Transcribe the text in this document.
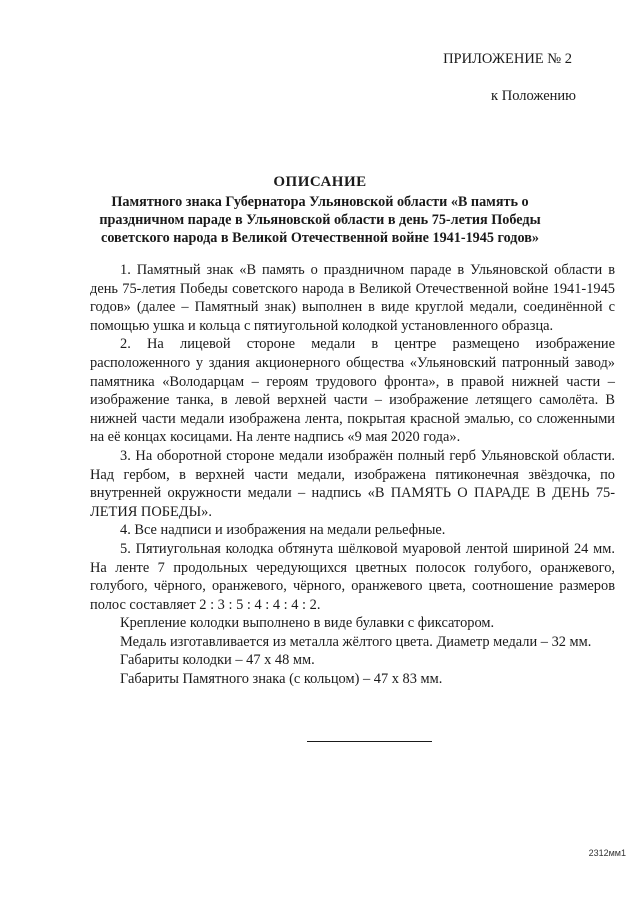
ПРИЛОЖЕНИЕ № 2
к Положению
ОПИСАНИЕ
Памятного знака Губернатора Ульяновской области «В память о праздничном параде в Ульяновской области в день 75-летия Победы советского народа в Великой Отечественной войне 1941-1945 годов»

1. Памятный знак «В память о праздничном параде в Ульяновской области в день 75-летия Победы советского народа в Великой Отечественной войне 1941-1945 годов» (далее – Памятный знак) выполнен в виде круглой медали, соединённой с помощью ушка и кольца с пятиугольной колодкой установленного образца.

2. На лицевой стороне медали в центре размещено изображение расположенного у здания акционерного общества «Ульяновский патронный завод» памятника «Володарцам – героям трудового фронта», в правой нижней части – изображение танка, в левой верхней части – изображение летящего самолёта. В нижней части медали изображена лента, покрытая красной эмалью, со сложенными на её концах косицами. На ленте надпись «9 мая 2020 года».

3. На оборотной стороне медали изображён полный герб Ульяновской области. Над гербом, в верхней части медали, изображена пятиконечная звёздочка, по внутренней окружности медали – надпись «В ПАМЯТЬ О ПАРАДЕ В ДЕНЬ 75-ЛЕТИЯ ПОБЕДЫ».

4. Все надписи и изображения на медали рельефные.

5. Пятиугольная колодка обтянута шёлковой муаровой лентой шириной 24 мм. На ленте 7 продольных чередующихся цветных полосок голубого, оранжевого, голубого, чёрного, оранжевого, чёрного, оранжевого цвета, соотношение размеров полос составляет 2 : 3 : 5 : 4 : 4 : 4 : 2.

Крепление колодки выполнено в виде булавки с фиксатором.

Медаль изготавливается из металла жёлтого цвета. Диаметр медали – 32 мм.

Габариты колодки – 47 х 48 мм.

Габариты Памятного знака (с кольцом) – 47 х 83 мм.

2312мм1
